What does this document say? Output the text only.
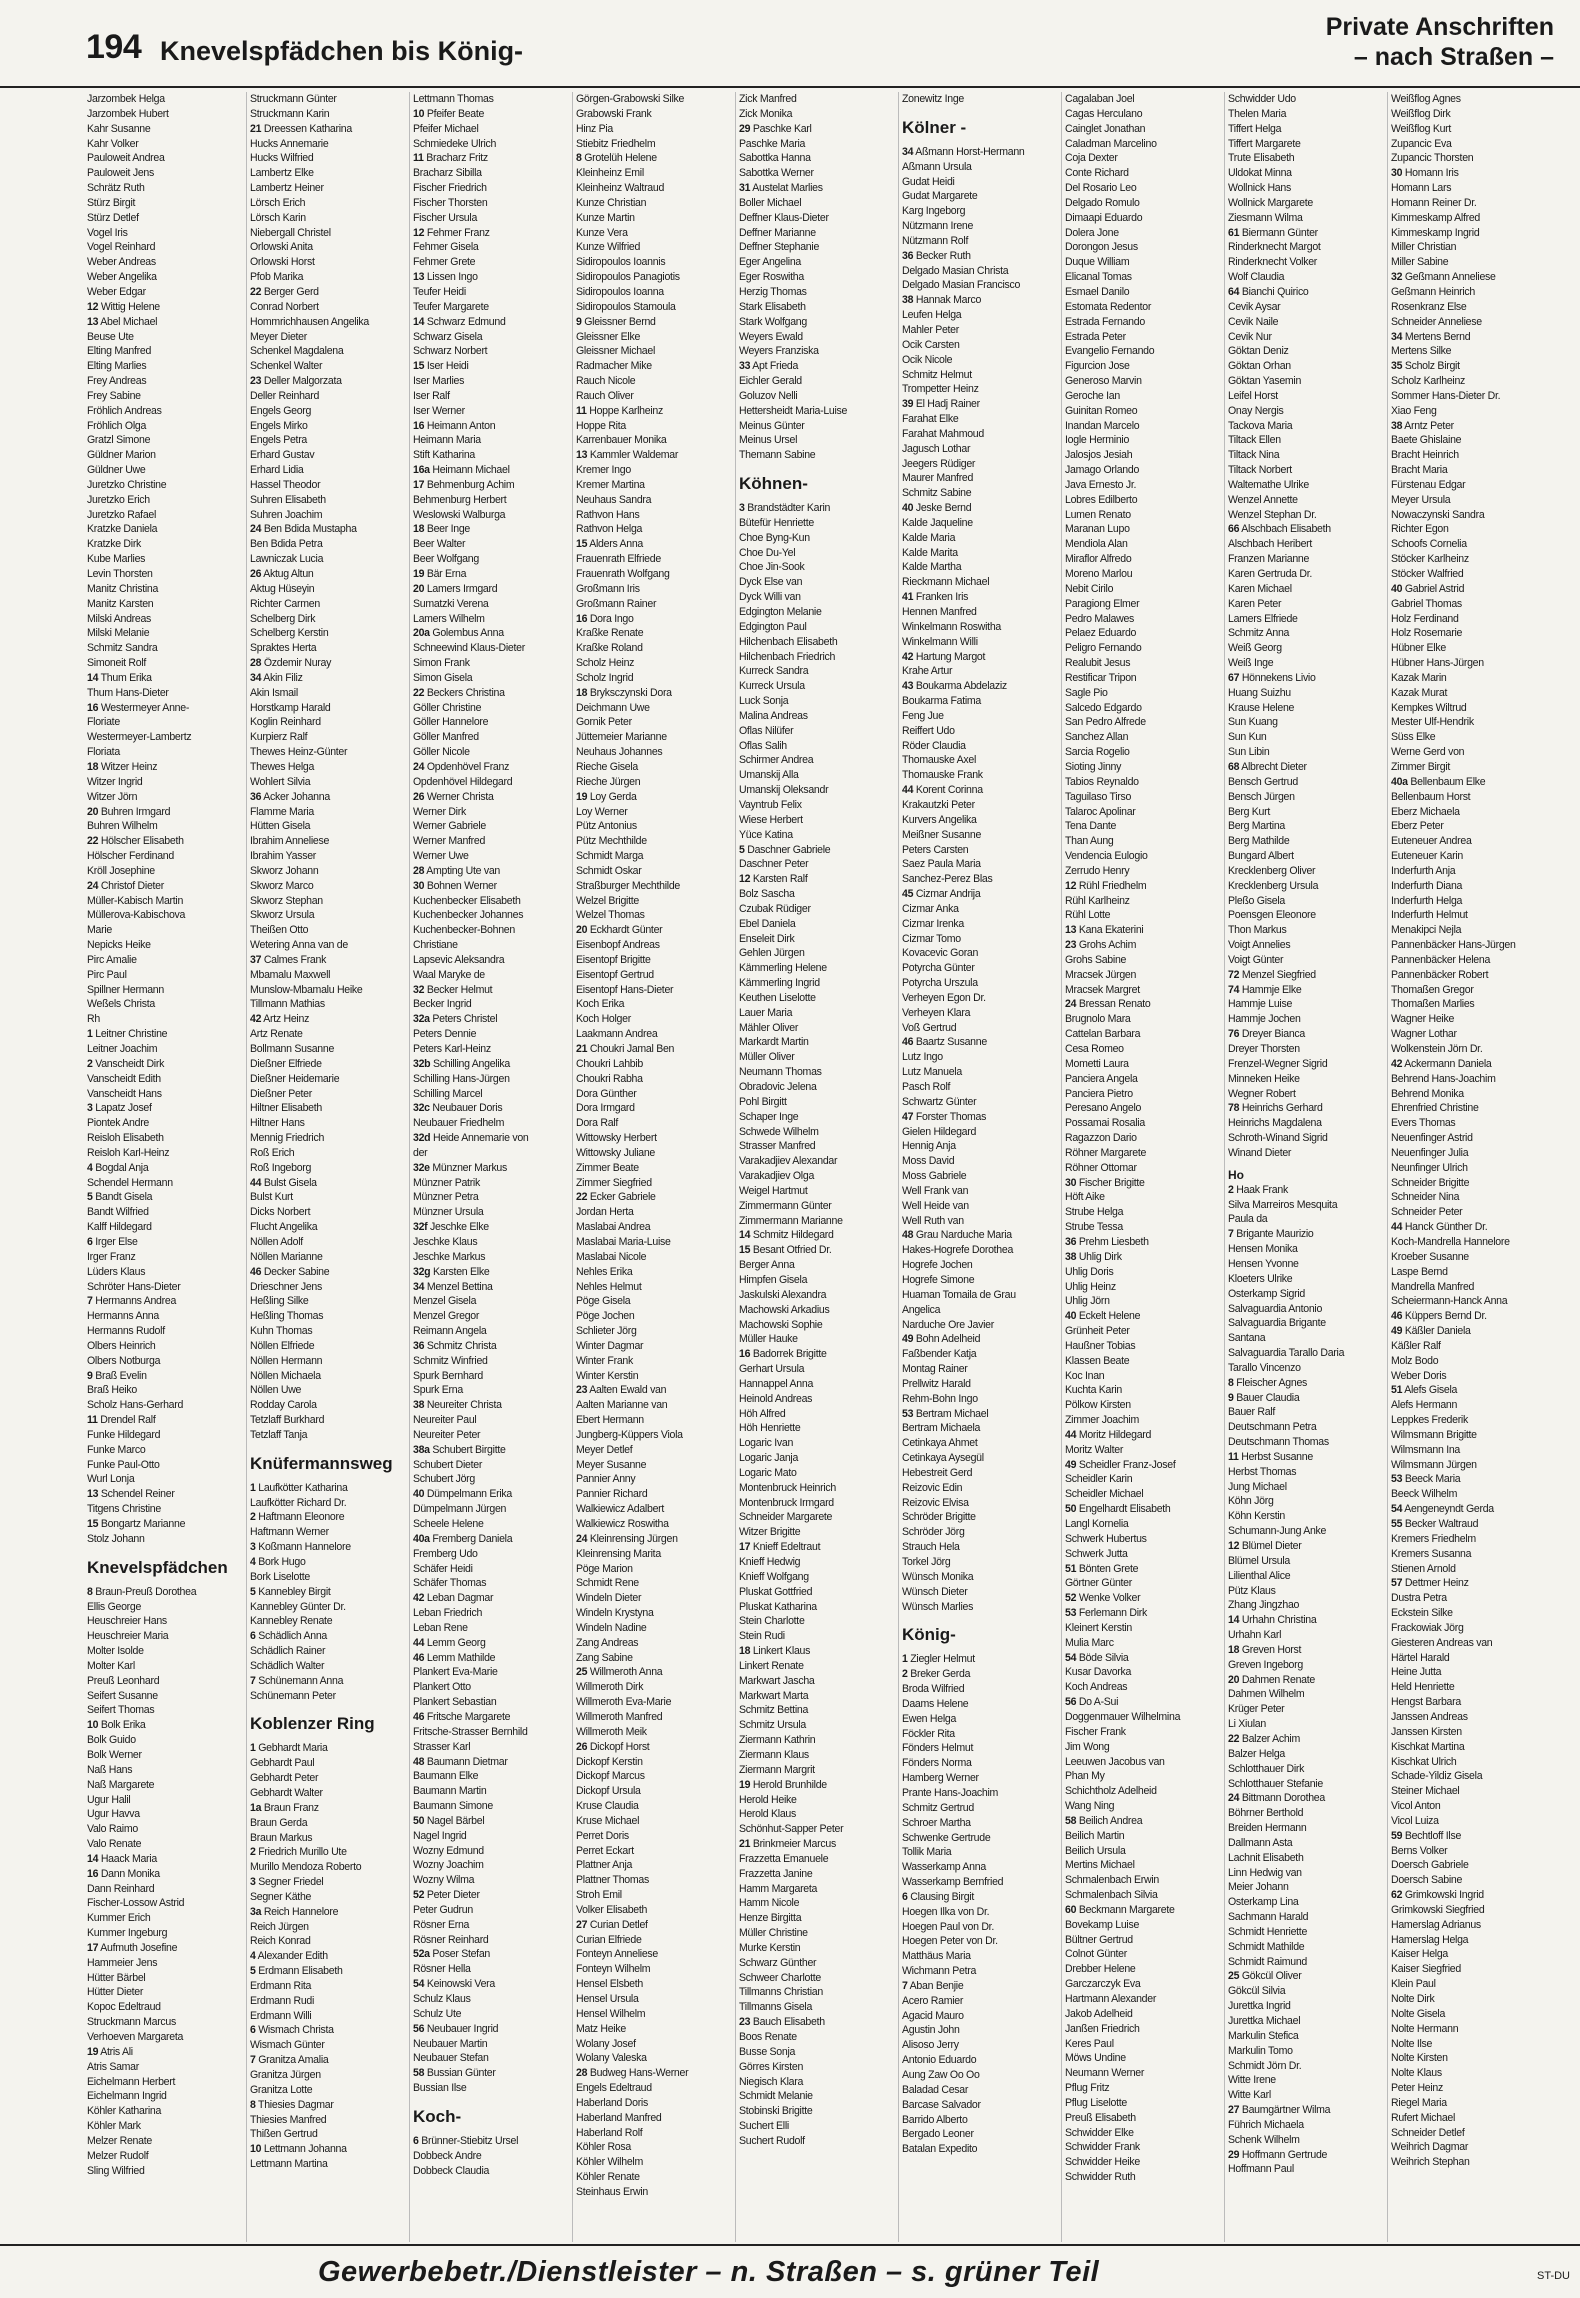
194 Knevelspfädchen bis König-
Private Anschriften
– nach Straßen –
Jarzombek Helga
Jarzombek Hubert
Kahr Susanne
Kahr Volker
Pauloweit Andrea
Pauloweit Jens
Schrätz Ruth
Stürz Birgit
Stürz Detlef
Vogel Iris
Vogel Reinhard
Weber Andreas
Weber Angelika
Weber Edgar
12 Wittig Helene
13 Abel Michael
Beuse Ute
Elting Manfred
Elting Marlies
Frey Andreas
Frey Sabine
Fröhlich Andreas
Fröhlich Olga
Gratzl Simone
Güldner Marion
Güldner Uwe
Juretzko Christine
Juretzko Erich
Juretzko Rafael
Kratzke Daniela
Kratzke Dirk
Kube Marlies
Levin Thorsten
Manitz Christina
Manitz Karsten
Milski Andreas
Milski Melanie
Schmitz Sandra
Simoneit Rolf
14 Thum Erika
Thum Hans-Dieter
16 Westermeyer Anne-
Floriate
Westermeyer-Lambertz
Floriata
18 Witzer Heinz
Witzer Ingrid
Witzer Jörn
20 Buhren Irmgard
Buhren Wilhelm
22 Hölscher Elisabeth
Hölscher Ferdinand
Kröll Josephine
24 Christof Dieter
Müller-Kabisch Martin
Müllerova-Kabischova
Marie
Nepicks Heike
Pirc Amalie
Pirc Paul
Spillner Hermann
Weßels Christa
Rh
1 Leitner Christine
Leitner Joachim
2 Vanscheidt Dirk
Vanscheidt Edith
Vanscheidt Hans
3 Lapatz Josef
Piontek Andre
Reisloh Elisabeth
Reisloh Karl-Heinz
4 Bogdal Anja
Schendel Hermann
5 Bandt Gisela
Bandt Wilfried
Kalff Hildegard
6 Irger Else
Irger Franz
Lüders Klaus
Schröter Hans-Dieter
7 Hermanns Andrea
Hermanns Anna
Hermanns Rudolf
Olbers Heinrich
Olbers Notburga
9 Braß Evelin
Braß Heiko
Scholz Hans-Gerhard
11 Drendel Ralf
Funke Hildegard
Funke Marco
Funke Paul-Otto
Wurl Lonja
13 Schendel Reiner
Titgens Christine
15 Bongartz Marianne
Stolz Johann
Knevelspfädchen
8 Braun-Preuß Dorothea
Ellis George
Heuschreier Hans
Heuschreier Maria
Molter Isolde
Molter Karl
Preuß Leonhard
Seifert Susanne
Seifert Thomas
10 Bolk Erika
Bolk Guido
Bolk Werner
Naß Hans
Naß Margarete
Ugur Halil
Ugur Havva
Valo Raimo
Valo Renate
14 Haack Maria
16 Dann Monika
Dann Reinhard
Fischer-Lossow Astrid
Kummer Erich
Kummer Ingeburg
17 Aufmuth Josefine
Hammeier Jens
Hütter Bärbel
Hütter Dieter
Kopoc Edeltraud
Struckmann Marcus
Verhoeven Margareta
19 Atris Ali
Atris Samar
Eichelmann Herbert
Eichelmann Ingrid
Köhler Katharina
Köhler Mark
Melzer Renate
Melzer Rudolf
Sling Wilfried
Struckmann Günter
Struckmann Karin
21 Dreessen Katharina
Hucks Annemarie
Hucks Wilfried
Lambertz Elke
Lambertz Heiner
Lörsch Erich
Lörsch Karin
Niebergall Christel
Orlowski Anita
Orlowski Horst
Pfob Marika
22 Berger Gerd
Conrad Norbert
Hommrichhausen Angelika
Meyer Dieter
Schenkel Magdalena
Schenkel Walter
23 Deller Malgorzata
Deller Reinhard
Engels Georg
Engels Mirko
Engels Petra
Erhard Gustav
Erhard Lidia
Hassel Theodor
Suhren Elisabeth
Suhren Joachim
24 Ben Bdida Mustapha
Ben Bdida Petra
Lawniczak Lucia
26 Aktug Altun
Aktug Hüseyin
Richter Carmen
Schelberg Dirk
Schelberg Kerstin
Spraktes Herta
28 Özdemir Nuray
34 Akin Filiz
Akin Ismail
Horstkamp Harald
Koglin Reinhard
Kurpierz Ralf
Thewes Heinz-Günter
Thewes Helga
Wohlert Silvia
36 Acker Johanna
Flamme Maria
Hütten Gisela
Ibrahim Anneliese
Ibrahim Yasser
Skworz Johann
Skworz Marco
Skworz Stephan
Skworz Ursula
Theißen Otto
Wetering Anna van de
37 Calmes Frank
Mbamalu Maxwell
Munslow-Mbamalu Heike
Tillmann Mathias
42 Artz Heinz
Artz Renate
Bollmann Susanne
Dießner Elfriede
Dießner Heidemarie
Dießner Peter
Hiltner Elisabeth
Hiltner Hans
Mennig Friedrich
Roß Erich
Roß Ingeborg
44 Bulst Gisela
Bulst Kurt
Dicks Norbert
Flucht Angelika
Nöllen Adolf
Nöllen Marianne
46 Decker Sabine
Drieschner Jens
Heßling Silke
Heßling Thomas
Kuhn Thomas
Nöllen Elfriede
Nöllen Hermann
Nöllen Michaela
Nöllen Uwe
Rodday Carola
Tetzlaff Burkhard
Tetzlaff Tanja
Knüfermannsweg
1 Laufkötter Katharina
Laufkötter Richard Dr.
2 Haftmann Eleonore
Haftmann Werner
3 Koßmann Hannelore
4 Bork Hugo
Bork Liselotte
5 Kannebley Birgit
Kannebley Günter Dr.
Kannebley Renate
6 Schädlich Anna
Schädlich Rainer
Schädlich Walter
7 Schünemann Anna
Schünemann Peter
Koblenzer Ring
1 Gebhardt Maria
Gebhardt Paul
Gebhardt Peter
Gebhardt Walter
1a Braun Franz
Braun Gerda
Braun Markus
2 Friedrich Murillo Ute
Murillo Mendoza Roberto
3 Segner Friedel
Segner Käthe
3a Reich Hannelore
Reich Jürgen
Reich Konrad
4 Alexander Edith
5 Erdmann Elisabeth
Erdmann Rita
Erdmann Rudi
Erdmann Willi
6 Wismach Christa
Wismach Günter
7 Granitza Amalia
Granitza Jürgen
Granitza Lotte
8 Thiesies Dagmar
Thiesies Manfred
Thißen Gertrud
10 Lettmann Johanna
Lettmann Martina
Lettmann Thomas
10 Pfeifer Beate
Pfeifer Michael
Schmiedeke Ulrich
11 Bracharz Fritz
Bracharz Sibilla
Fischer Friedrich
Fischer Thorsten
Fischer Ursula
12 Fehmer Franz
Fehmer Gisela
Fehmer Grete
13 Lissen Ingo
Teufer Heidi
Teufer Margarete
14 Schwarz Edmund
Schwarz Gisela
Schwarz Norbert
15 Iser Heidi
Iser Marlies
Iser Ralf
Iser Werner
16 Heimann Anton
Heimann Maria
Stift Katharina
16a Heimann Michael
17 Behmenburg Achim
Behmenburg Herbert
Weslowski Walburga
18 Beer Inge
Beer Walter
Beer Wolfgang
19 Bär Erna
20 Lamers Irmgard
Sumatzki Verena
Lamers Wilhelm
20a Golembus Anna
Schneewind Klaus-Dieter
Simon Frank
Simon Gisela
22 Beckers Christina
Göller Christine
Göller Hannelore
Göller Manfred
Göller Nicole
24 Opdenhövel Franz
Opdenhövel Hildegard
26 Werner Christa
Werner Dirk
Werner Gabriele
Werner Manfred
Werner Uwe
28 Ampting Ute van
30 Bohnen Werner
Kuchenbecker Elisabeth
Kuchenbecker Johannes
Kuchenbecker-Bohnen
Christiane
Lapsevic Aleksandra
Waal Maryke de
32 Becker Helmut
Becker Ingrid
32a Peters Christel
Peters Dennie
Peters Karl-Heinz
32b Schilling Angelika
Schilling Hans-Jürgen
Schilling Marcel
32c Neubauer Doris
Neubauer Friedhelm
32d Heide Annemarie von
der
32e Münzner Markus
Münzner Patrik
Münzner Petra
Münzner Ursula
32f Jeschke Elke
Jeschke Klaus
Jeschke Markus
32g Karsten Elke
34 Menzel Bettina
Menzel Gisela
Menzel Gregor
Reimann Angela
36 Schmitz Christa
Schmitz Winfried
Spurk Bernhard
Spurk Erna
38 Neureiter Christa
Neureiter Paul
Neureiter Peter
38a Schubert Birgitte
Schubert Dieter
Schubert Jörg
40 Dümpelmann Erika
Dümpelmann Jürgen
Scheele Helene
40a Fremberg Daniela
Fremberg Udo
Schäfer Heidi
Schäfer Thomas
42 Leban Dagmar
Leban Friedrich
Leban Rene
44 Lemm Georg
46 Lemm Mathilde
Plankert Eva-Marie
Plankert Otto
Plankert Sebastian
46 Fritsche Margarete
Fritsche-Strasser Bernhild
Strasser Karl
48 Baumann Dietmar
Baumann Elke
Baumann Martin
Baumann Simone
50 Nagel Bärbel
Nagel Ingrid
Wozny Edmund
Wozny Joachim
Wozny Wilma
52 Peter Dieter
Peter Gudrun
Rösner Erna
Rösner Reinhard
52a Poser Stefan
Rösner Hella
54 Keinowski Vera
Schulz Klaus
Schulz Ute
56 Neubauer Ingrid
Neubauer Martin
Neubauer Stefan
58 Bussian Günter
Bussian Ilse
Koch-
6 Brünner-Stiebitz Ursel
Dobbeck Andre
Dobbeck Claudia
Görgen-Grabowski Silke
Grabowski Frank
Hinz Pia
Stiebitz Friedhelm
8 Grotelüh Helene
Kleinheinz Emil
Kleinheinz Waltraud
Kunze Christian
Kunze Martin
Kunze Vera
Kunze Wilfried
Sidiropoulos Ioannis
Sidiropoulos Panagiotis
Sidiropoulos Ioanna
Sidiropoulos Stamoula
9 Gleissner Bernd
Gleissner Elke
Gleissner Michael
Radmacher Mike
Rauch Nicole
Rauch Oliver
11 Hoppe Karlheinz
Hoppe Rita
Karrenbauer Monika
13 Kammler Waldemar
Kremer Ingo
Kremer Martina
Neuhaus Sandra
Rathvon Hans
Rathvon Helga
15 Alders Anna
Frauenrath Elfriede
Frauenrath Wolfgang
Großmann Iris
Großmann Rainer
16 Dora Ingo
Kraßke Renate
Kraßke Roland
Scholz Heinz
Scholz Ingrid
18 Bryksczynski Dora
Deichmann Uwe
Gornik Peter
Jüttemeier Marianne
Neuhaus Johannes
Rieche Gisela
Rieche Jürgen
19 Loy Gerda
Loy Werner
Pütz Antonius
Pütz Mechthilde
Schmidt Marga
Schmidt Oskar
Straßburger Mechthilde
Welzel Brigitte
Welzel Thomas
20 Eckhardt Günter
Eisenbopf Andreas
Eisentopf Brigitte
Eisentopf Gertrud
Eisentopf Hans-Dieter
Koch Erika
Koch Holger
Laakmann Andrea
21 Choukri Jamal Ben
Choukri Lahbib
Choukri Rabha
Dora Günther
Dora Irmgard
Dora Ralf
Wittowsky Herbert
Wittowsky Juliane
Zimmer Beate
Zimmer Siegfried
22 Ecker Gabriele
Jordan Herta
Maslabai Andrea
Maslabai Maria-Luise
Maslabai Nicole
Nehles Erika
Nehles Helmut
Pöge Gisela
Pöge Jochen
Schlieter Jörg
Winter Dagmar
Winter Frank
Winter Kerstin
23 Aalten Ewald van
Aalten Marianne van
Ebert Hermann
Jungberg-Küppers Viola
Meyer Detlef
Meyer Susanne
Pannier Anny
Pannier Richard
Walkiewicz Adalbert
Walkiewicz Roswitha
24 Kleinrensing Jürgen
Kleinrensing Marita
Pöge Marion
Schmidt Rene
Windeln Dieter
Windeln Krystyna
Windeln Nadine
Zang Andreas
Zang Sabine
25 Willmeroth Anna
Willmeroth Dirk
Willmeroth Eva-Marie
Willmeroth Manfred
Willmeroth Meik
26 Dickopf Horst
Dickopf Kerstin
Dickopf Marcus
Dickopf Ursula
Kruse Claudia
Kruse Michael
Perret Doris
Perret Eckart
Plattner Anja
Plattner Thomas
Stroh Emil
Volker Elisabeth
27 Curian Detlef
Curian Elfriede
Fonteyn Anneliese
Fonteyn Wilhelm
Hensel Elsbeth
Hensel Ursula
Hensel Wilhelm
Matz Heike
Wolany Josef
Wolany Valeska
28 Budweg Hans-Werner
Engels Edeltraud
Haberland Doris
Haberland Manfred
Haberland Rolf
Köhler Rosa
Köhler Wilhelm
Köhler Renate
Steinhaus Erwin
Zick Manfred
Zick Monika
29 Paschke Karl
Paschke Maria
Sabottka Hanna
Sabottka Werner
31 Austelat Marlies
Boller Michael
Deffner Klaus-Dieter
Deffner Marianne
Deffner Stephanie
Eger Angelina
Eger Roswitha
Herzig Thomas
Stark Elisabeth
Stark Wolfgang
Weyers Ewald
Weyers Franziska
33 Apt Frieda
Eichler Gerald
Goluzov Nelli
Hettersheidt Maria-Luise
Meinus Günter
Meinus Ursel
Themann Sabine
Köhnen-
3 Brandstädter Karin
Bütefür Henriette
Choe Byng-Kun
Choe Du-Yel
Choe Jin-Sook
Dyck Else van
Dyck Willi van
Edgington Melanie
Edgington Paul
Hilchenbach Elisabeth
Hilchenbach Friedrich
Kurreck Sandra
Kurreck Ursula
Luck Sonja
Malina Andreas
Oflas Nilüfer
Oflas Salih
Schirmer Andrea
Umanskij Alla
Umanskij Oleksandr
Vayntrub Felix
Wiese Herbert
Yüce Katina
5 Daschner Gabriele
Daschner Peter
12 Karsten Ralf
Bolz Sascha
Czubak Rüdiger
Ebel Daniela
Enseleit Dirk
Gehlen Jürgen
Kämmerling Helene
Kämmerling Ingrid
Keuthen Liselotte
Lauer Maria
Mähler Oliver
Markardt Martin
Müller Oliver
Neumann Thomas
Obradovic Jelena
Pohl Birgitt
Schaper Inge
Schwede Wilhelm
Strasser Manfred
Varakadjiev Alexandar
Varakadjiev Olga
Weigel Hartmut
Zimmermann Günter
Zimmermann Marianne
14 Schmitz Hildegard
15 Besant Otfried Dr.
Berger Anna
Himpfen Gisela
Jaskulski Alexandra
Machowski Arkadius
Machowski Sophie
Müller Hauke
16 Badorrek Brigitte
Gerhart Ursula
Hannappel Anna
Heinold Andreas
Höh Alfred
Höh Henriette
Logaric Ivan
Logaric Janja
Logaric Mato
Montenbruck Heinrich
Montenbruck Irmgard
Schneider Margarete
Witzer Brigitte
17 Knieff Edeltraut
Knieff Hedwig
Knieff Wolfgang
Pluskat Gottfried
Pluskat Katharina
Stein Charlotte
Stein Rudi
18 Linkert Klaus
Linkert Renate
Markwart Jascha
Markwart Marta
Schmitz Bettina
Schmitz Ursula
Ziermann Kathrin
Ziermann Klaus
Ziermann Margrit
19 Herold Brunhilde
Herold Heike
Herold Klaus
Schönhut-Sapper Peter
21 Brinkmeier Marcus
Frazzetta Emanuele
Frazzetta Janine
Hamm Margareta
Hamm Nicole
Henze Birgitta
Müller Christine
Murke Kerstin
Schwarz Günther
Schweer Charlotte
Tillmanns Christian
Tillmanns Gisela
23 Bauch Elisabeth
Boos Renate
Busse Sonja
Görres Kirsten
Niegisch Klara
Schmidt Melanie
Stobinski Brigitte
Suchert Elli
Suchert Rudolf
Zonewitz Inge
Kölner -
34 Aßmann Horst-Hermann
Aßmann Ursula
Gudat Heidi
Gudat Margarete
Karg Ingeborg
Nützmann Irene
Nützmann Rolf
36 Becker Ruth
Delgado Masian Christa
Delgado Masian Francisco
38 Hannak Marco
Leufen Helga
Mahler Peter
Ocik Carsten
Ocik Nicole
Schmitz Helmut
Trompetter Heinz
39 El Hadj Rainer
Farahat Elke
Farahat Mahmoud
Jagusch Lothar
Jeegers Rüdiger
Maurer Manfred
Schmitz Sabine
40 Jeske Bernd
Kalde Jaqueline
Kalde Maria
Kalde Marita
Kalde Martha
Rieckmann Michael
41 Franken Iris
Hennen Manfred
Winkelmann Roswitha
Winkelmann Willi
42 Hartung Margot
Krahe Artur
43 Boukarma Abdelaziz
Boukarma Fatima
Feng Jue
Reiffert Udo
Röder Claudia
Thomauske Axel
Thomauske Frank
44 Korent Corinna
Krakautzki Peter
Kurvers Angelika
Meißner Susanne
Peters Carsten
Saez Paula Maria
Sanchez-Perez Blas
45 Cizmar Andrija
Cizmar Anka
Cizmar Irenka
Cizmar Tomo
Kovacevic Goran
Potyrcha Günter
Potyrcha Urszula
Verheyen Egon Dr.
Verheyen Klara
Voß Gertrud
46 Baartz Susanne
Lutz Ingo
Lutz Manuela
Pasch Rolf
Schwartz Günter
47 Forster Thomas
Gielen Hildegard
Hennig Anja
Moss David
Moss Gabriele
Well Frank van
Well Heide van
Well Ruth van
48 Grau Narduche Maria
Hakes-Hogrefe Dorothea
Hogrefe Jochen
Hogrefe Simone
Huaman Tomaila de Grau
Angelica
Narduche Ore Javier
49 Bohn Adelheid
Faßbender Katja
Montag Rainer
Prellwitz Harald
Rehm-Bohn Ingo
53 Bertram Michael
Bertram Michaela
Cetinkaya Ahmet
Cetinkaya Aysegül
Hebestreit Gerd
Reizovic Edin
Reizovic Elvisa
Schröder Brigitte
Schröder Jörg
Strauch Hela
Torkel Jörg
Wünsch Monika
Wünsch Dieter
Wünsch Marlies
König-
1 Ziegler Helmut
2 Breker Gerda
Broda Wilfried
Daams Helene
Ewen Helga
Föckler Rita
Fönders Helmut
Fönders Norma
Hamberg Werner
Prante Hans-Joachim
Schmitz Gertrud
Schroer Martha
Schwenke Gertrude
Tollik Maria
Wasserkamp Anna
Wasserkamp Bernfried
6 Clausing Birgit
Hoegen Ilka von Dr.
Hoegen Paul von Dr.
Hoegen Peter von Dr.
Matthäus Maria
Wichmann Petra
7 Aban Benjie
Acero Ramier
Agacid Mauro
Agustin John
Alisoso Jerry
Antonio Eduardo
Aung Zaw Oo Oo
Baladad Cesar
Barcase Salvador
Barrido Alberto
Bergado Leoner
Batalan Expedito
Cagalaban Joel
Cagas Herculano
Cainglet Jonathan
Caladman Marcelino
Coja Dexter
Conte Richard
Del Rosario Leo
Delgado Romulo
Dimaapi Eduardo
Dolera Jone
Dorongon Jesus
Duque William
Elicanal Tomas
Esmael Danilo
Estomata Redentor
Estrada Fernando
Estrada Peter
Evangelio Fernando
Figurcion Jose
Generoso Marvin
Geroche Ian
Guinitan Romeo
Inandan Marcelo
Iogle Herminio
Jalosjos Jesiah
Jamago Orlando
Java Ernesto Jr.
Lobres Edilberto
Lumen Renato
Maranan Lupo
Mendiola Alan
Miraflor Alfredo
Moreno Marlou
Nebit Cirilo
Paragiong Elmer
Pedro Malawes
Pelaez Eduardo
Peligro Fernando
Realubit Jesus
Restificar Tripon
Sagle Pio
Salcedo Edgardo
San Pedro Alfrede
Sanchez Allan
Sarcia Rogelio
Sioting Jinny
Tabios Reynaldo
Taguilaso Tirso
Talaroc Apolinar
Tena Dante
Than Aung
Vendencia Eulogio
Zerrudo Henry
12 Rühl Friedhelm
Rühl Karlheinz
Rühl Lotte
13 Kana Ekaterini
23 Grohs Achim
Grohs Sabine
Mracsek Jürgen
Mracsek Margret
24 Bressan Renato
Brugnolo Mara
Cattelan Barbara
Cesa Romeo
Mometti Laura
Panciera Angela
Panciera Pietro
Peresano Angelo
Possamai Rosalia
Ragazzon Dario
Röhner Margarete
Röhner Ottomar
30 Fischer Brigitte
Höft Aike
Strube Helga
Strube Tessa
36 Prehm Liesbeth
38 Uhlig Dirk
Uhlig Doris
Uhlig Heinz
Uhlig Jörn
40 Eckelt Helene
Grünheit Peter
Haußner Tobias
Klassen Beate
Koc Inan
Kuchta Karin
Pölkow Kirsten
Zimmer Joachim
44 Moritz Hildegard
Moritz Walter
49 Scheidler Franz-Josef
Scheidler Karin
Scheidler Michael
50 Engelhardt Elisabeth
Langl Kornelia
Schwerk Hubertus
Schwerk Jutta
51 Bönten Grete
Görtner Günter
52 Wenke Volker
53 Ferlemann Dirk
Kleinert Kerstin
Mulia Marc
54 Böde Silvia
Kusar Davorka
Koch Andreas
56 Do A-Sui
Doggenmauer Wilhelmina
Fischer Frank
Jim Wong
Leeuwen Jacobus van
Phan My
Schichtholz Adelheid
Wang Ning
58 Beilich Andrea
Beilich Martin
Beilich Ursula
Mertins Michael
Schmalenbach Erwin
Schmalenbach Silvia
60 Beckmann Margarete
Bovekamp Luise
Bültner Gertrud
Colnot Günter
Drebber Helene
Garczarczyk Eva
Hartmann Alexander
Jakob Adelheid
Janßen Friedrich
Keres Paul
Möws Undine
Neumann Werner
Pflug Fritz
Pflug Liselotte
Preuß Elisabeth
Schwidder Elke
Schwidder Frank
Schwidder Heike
Schwidder Ruth
Schwidder Udo
Thelen Maria
Tiffert Helga
Tiffert Margarete
Trute Elisabeth
Uldokat Minna
Wollnick Hans
Wollnick Margarete
Ziesmann Wilma
61 Biermann Günter
Rinderknecht Margot
Rinderknecht Volker
Wolf Claudia
64 Bianchi Quirico
Cevik Aysar
Cevik Naile
Cevik Nur
Göktan Deniz
Göktan Orhan
Göktan Yasemin
Leifel Horst
Onay Nergis
Tackova Maria
Tiltack Ellen
Tiltack Nina
Tiltack Norbert
Waltemathe Ulrike
Wenzel Annette
Wenzel Stephan Dr.
66 Alschbach Elisabeth
Alschbach Heribert
Franzen Marianne
Karen Gertruda Dr.
Karen Michael
Karen Peter
Lamers Elfriede
Schmitz Anna
Weiß Georg
Weiß Inge
67 Hönnekens Livio
Huang Suizhu
Krause Helene
Sun Kuang
Sun Kun
Sun Libin
68 Albrecht Dieter
Bensch Gertrud
Bensch Jürgen
Berg Kurt
Berg Martina
Berg Mathilde
Bungard Albert
Krecklenberg Oliver
Krecklenberg Ursula
Pleßo Gisela
Poensgen Eleonore
Thon Markus
Voigt Annelies
Voigt Günter
72 Menzel Siegfried
74 Hammje Elke
Hammje Luise
Hammje Jochen
76 Dreyer Bianca
Dreyer Thorsten
Frenzel-Wegner Sigrid
Minneken Heike
Wegner Robert
78 Heinrichs Gerhard
Heinrichs Magdalena
Schroth-Winand Sigrid
Winand Dieter
Ho
2 Haak Frank
Silva Marreiros Mesquita
Paula da
7 Brigante Maurizio
Hensen Monika
Hensen Yvonne
Kloeters Ulrike
Osterkamp Sigrid
Salvaguardia Antonio
Salvaguardia Brigante
Santana
Salvaguardia Tarallo Daria
Tarallo Vincenzo
8 Fleischer Agnes
9 Bauer Claudia
Bauer Ralf
Deutschmann Petra
Deutschmann Thomas
11 Herbst Susanne
Herbst Thomas
Jung Michael
Köhn Jörg
Köhn Kerstin
Schumann-Jung Anke
12 Blümel Dieter
Blümel Ursula
Lilienthal Alice
Pütz Klaus
Zhang Jingzhao
14 Urhahn Christina
Urhahn Karl
18 Greven Horst
Greven Ingeborg
20 Dahmen Renate
Dahmen Wilhelm
Krüger Peter
Li Xiulan
22 Balzer Achim
Balzer Helga
Schlotthauer Dirk
Schlotthauer Stefanie
24 Bittmann Dorothea
Böhrner Berthold
Breiden Hermann
Dallmann Asta
Lachnit Elisabeth
Linn Hedwig van
Meier Johann
Osterkamp Lina
Sachmann Harald
Schmidt Henriette
Schmidt Mathilde
Schmidt Raimund
25 Gökcül Oliver
Gökcül Silvia
Jurettka Ingrid
Jurettka Michael
Markulin Stefica
Markulin Tomo
Schmidt Jörn Dr.
Witte Irene
Witte Karl
27 Baumgärtner Wilma
Führich Michaela
Schenk Wilhelm
29 Hoffmann Gertrude
Hoffmann Paul
Weißflog Agnes
Weißflog Dirk
Weißflog Kurt
Zupancic Eva
Zupancic Thorsten
30 Homann Iris
Homann Lars
Homann Reiner Dr.
Kimmeskamp Alfred
Kimmeskamp Ingrid
Miller Christian
Miller Sabine
32 Geßmann Anneliese
Geßmann Heinrich
Rosenkranz Else
Schneider Anneliese
34 Mertens Bernd
Mertens Silke
35 Scholz Birgit
Scholz Karlheinz
Sommer Hans-Dieter Dr.
Xiao Feng
38 Arntz Peter
Baete Ghislaine
Bracht Heinrich
Bracht Maria
Fürstenau Edgar
Meyer Ursula
Nowaczynski Sandra
Richter Egon
Schoofs Cornelia
Stöcker Karlheinz
Stöcker Walfried
40 Gabriel Astrid
Gabriel Thomas
Holz Ferdinand
Holz Rosemarie
Hübner Elke
Hübner Hans-Jürgen
Kazak Marin
Kazak Murat
Kempkes Wiltrud
Mester Ulf-Hendrik
Süss Elke
Werne Gerd von
Zimmer Birgit
40a Bellenbaum Elke
Bellenbaum Horst
Eberz Michaela
Eberz Peter
Euteneuer Andrea
Euteneuer Karin
Inderfurth Anja
Inderfurth Diana
Inderfurth Helga
Inderfurth Helmut
Menakipci Nejla
Pannenbäcker Hans-Jürgen
Pannenbäcker Helena
Pannenbäcker Robert
Thomaßen Gregor
Thomaßen Marlies
Wagner Heike
Wagner Lothar
Wolkenstein Jörn Dr.
42 Ackermann Daniela
Behrend Hans-Joachim
Behrend Monika
Ehrenfried Christine
Evers Thomas
Neuenfinger Astrid
Neuenfinger Julia
Neunfinger Ulrich
Schneider Brigitte
Schneider Nina
Schneider Peter
44 Hanck Günther Dr.
Koch-Mandrella Hannelore
Kroeber Susanne
Laspe Bernd
Mandrella Manfred
Scheiermann-Hanck Anna
46 Küppers Bernd Dr.
49 Käßler Daniela
Käßler Ralf
Molz Bodo
Weber Doris
51 Alefs Gisela
Alefs Hermann
Leppkes Frederik
Wilmsmann Brigitte
Wilmsmann Ina
Wilmsmann Jürgen
53 Beeck Maria
Beeck Wilhelm
54 Aengeneyndt Gerda
55 Becker Waltraud
Kremers Friedhelm
Kremers Susanna
Stienen Arnold
57 Dettmer Heinz
Dustra Petra
Eckstein Silke
Frackowiak Jörg
Giesteren Andreas van
Härtel Harald
Heine Jutta
Held Henriette
Hengst Barbara
Janssen Andreas
Janssen Kirsten
Kischkat Martina
Kischkat Ulrich
Schade-Yildiz Gisela
Steiner Michael
Vicol Anton
Vicol Luiza
59 Bechtloff Ilse
Berns Volker
Doersch Gabriele
Doersch Sabine
62 Grimkowski Ingrid
Grimkowski Siegfried
Hamerslag Adrianus
Hamerslag Helga
Kaiser Helga
Kaiser Siegfried
Klein Paul
Nolte Dirk
Nolte Gisela
Nolte Hermann
Nolte Ilse
Nolte Kirsten
Nolte Klaus
Peter Heinz
Riegel Maria
Rufert Michael
Schneider Detlef
Weihrich Dagmar
Weihrich Stephan
Gewerbebetr./Dienstleister – n. Straßen – s. grüner Teil	ST-DU
